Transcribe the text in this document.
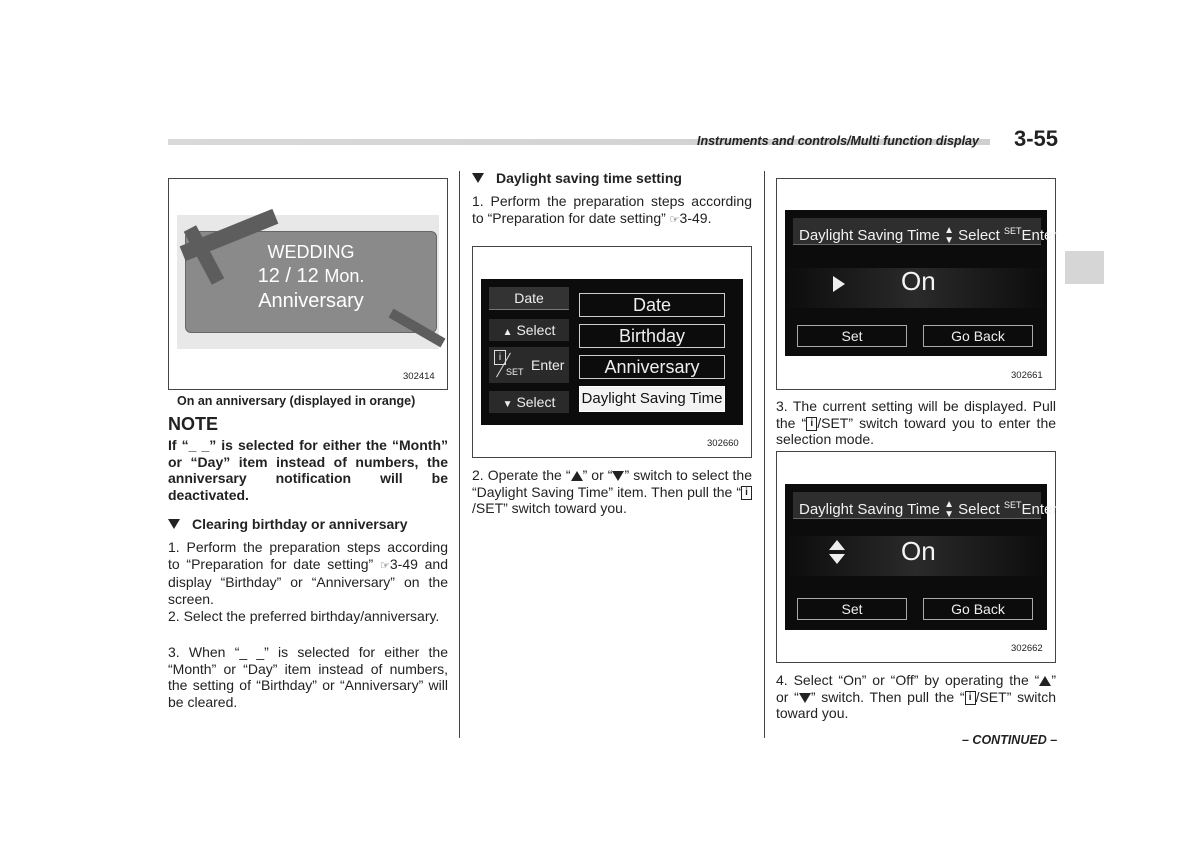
Instruments and controls/Multi function display 3-55
WEDDING
12 / 12 Mon.
Anniversary
302414
On an anniversary (displayed in orange)
NOTE
If “_ _” is selected for either the “Month” or “Day” item instead of numbers, the anniversary notification will be deactivated.
Clearing birthday or anniversary
1. Perform the preparation steps according to “Preparation for date setting” ☞3-49 and display “Birthday” or “Anniversary” on the screen.
2. Select the preferred birthday/anniversary.
3. When “_ _” is selected for either the “Month” or “Day” item instead of numbers, the setting of “Birthday” or “Anniversary” will be cleared.
Daylight saving time setting
1. Perform the preparation steps according to “Preparation for date setting” ☞3-49.
Date
▲ Select
i
SET Enter
▼ Select
Date
Birthday
Anniversary
Daylight Saving Time
302660
2. Operate the “ ” or “ ” switch to select the “Daylight Saving Time” item. Then pull the “ i/SET” switch toward you.
Daylight Saving Time ▲
▼ Select $^{SET}$Enter
On
Set	Go Back
302661
3. The current setting will be displayed. Pull the “ i /SET” switch toward you to enter the selection mode.
Daylight Saving Time ▲
▼ Select $^{SET}$Enter
On
Set	Go Back
302662
4. Select “On” or “Off” by operating the “ ” or “ ” switch. Then pull the “ i /SET” switch toward you.
– CONTINUED –
